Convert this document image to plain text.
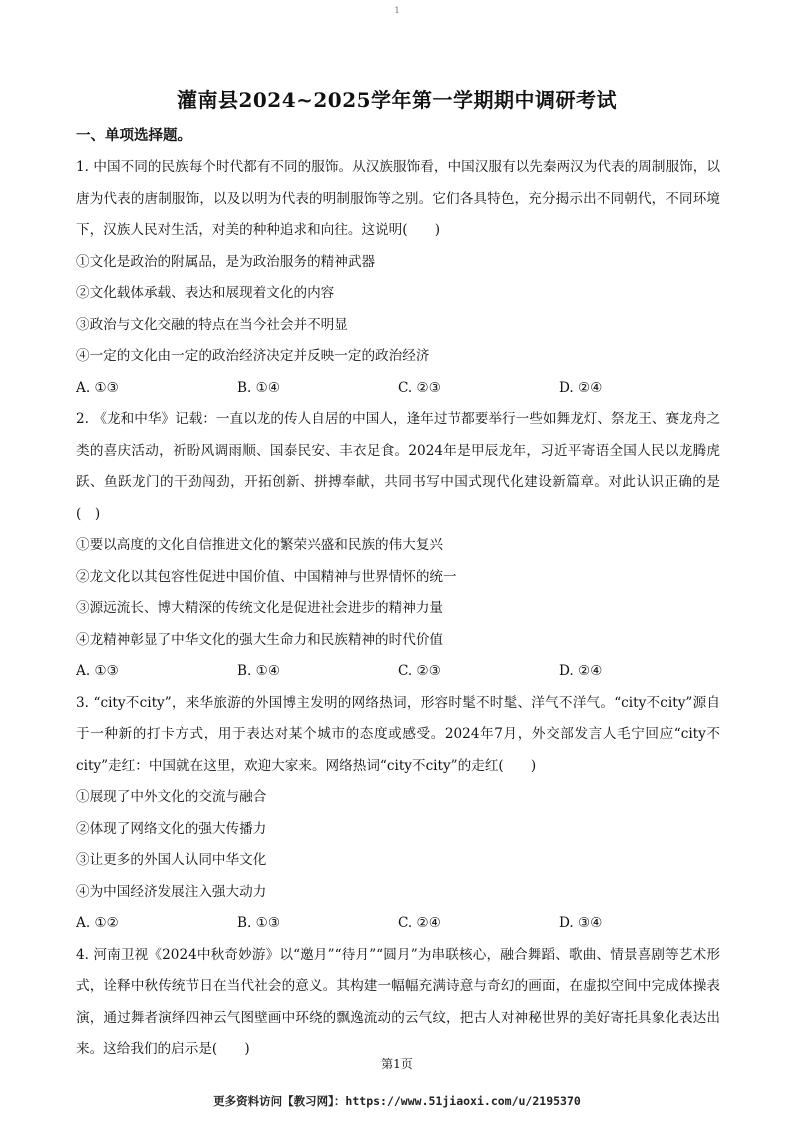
1
灌南县2024~2025学年第一学期期中调研考试
一、单项选择题。
1. 中国不同的民族每个时代都有不同的服饰。从汉族服饰看，中国汉服有以先秦两汉为代表的周制服饰，以唐为代表的唐制服饰，以及以明为代表的明制服饰等之别。它们各具特色，充分揭示出不同朝代，不同环境下，汉族人民对生活，对美的种种追求和向往。这说明(　　)
①文化是政治的附属品，是为政治服务的精神武器
②文化载体承载、表达和展现着文化的内容
③政治与文化交融的特点在当今社会并不明显
④一定的文化由一定的政治经济决定并反映一定的政治经济
A. ①③	B. ①④	C. ②③	D. ②④
2. 《龙和中华》记载：一直以龙的传人自居的中国人，逢年过节都要举行一些如舞龙灯、祭龙王、赛龙舟之类的喜庆活动，祈盼风调雨顺、国泰民安、丰衣足食。2024年是甲辰龙年，习近平寄语全国人民以龙腾虎跃、鱼跃龙门的干劲闯劲，开拓创新、拼搏奉献，共同书写中国式现代化建设新篇章。对此认识正确的是(　)
①要以高度的文化自信推进文化的繁荣兴盛和民族的伟大复兴
②龙文化以其包容性促进中国价值、中国精神与世界情怀的统一
③源远流长、博大精深的传统文化是促进社会进步的精神力量
④龙精神彰显了中华文化的强大生命力和民族精神的时代价值
A. ①③	B. ①④	C. ②③	D. ②④
3. “city不city”，来华旅游的外国博主发明的网络热词，形容时髦不时髦、洋气不洋气。“city不city”源自于一种新的打卡方式，用于表达对某个城市的态度或感受。2024年7月，外交部发言人毛宁回应“city不city”走红：中国就在这里，欢迎大家来。网络热词“city不city”的走红(　　)
①展现了中外文化的交流与融合
②体现了网络文化的强大传播力
③让更多的外国人认同中华文化
④为中国经济发展注入强大动力
A. ①②	B. ①③	C. ②④	D. ③④
4. 河南卫视《2024中秋奇妙游》以“邀月”“待月”“圆月”为串联核心，融合舞蹈、歌曲、情景喜剧等艺术形式，诠释中秋传统节日在当代社会的意义。其构建一幅幅充满诗意与奇幻的画面，在虚拟空间中完成体操表演，通过舞者演绎四神云气图壁画中环绕的飘逸流动的云气纹，把古人对神秘世界的美好寄托具象化表达出来。这给我们的启示是(　　)
第1页
更多资料访问【教习网】：https://www.51jiaoxi.com/u/2195370
